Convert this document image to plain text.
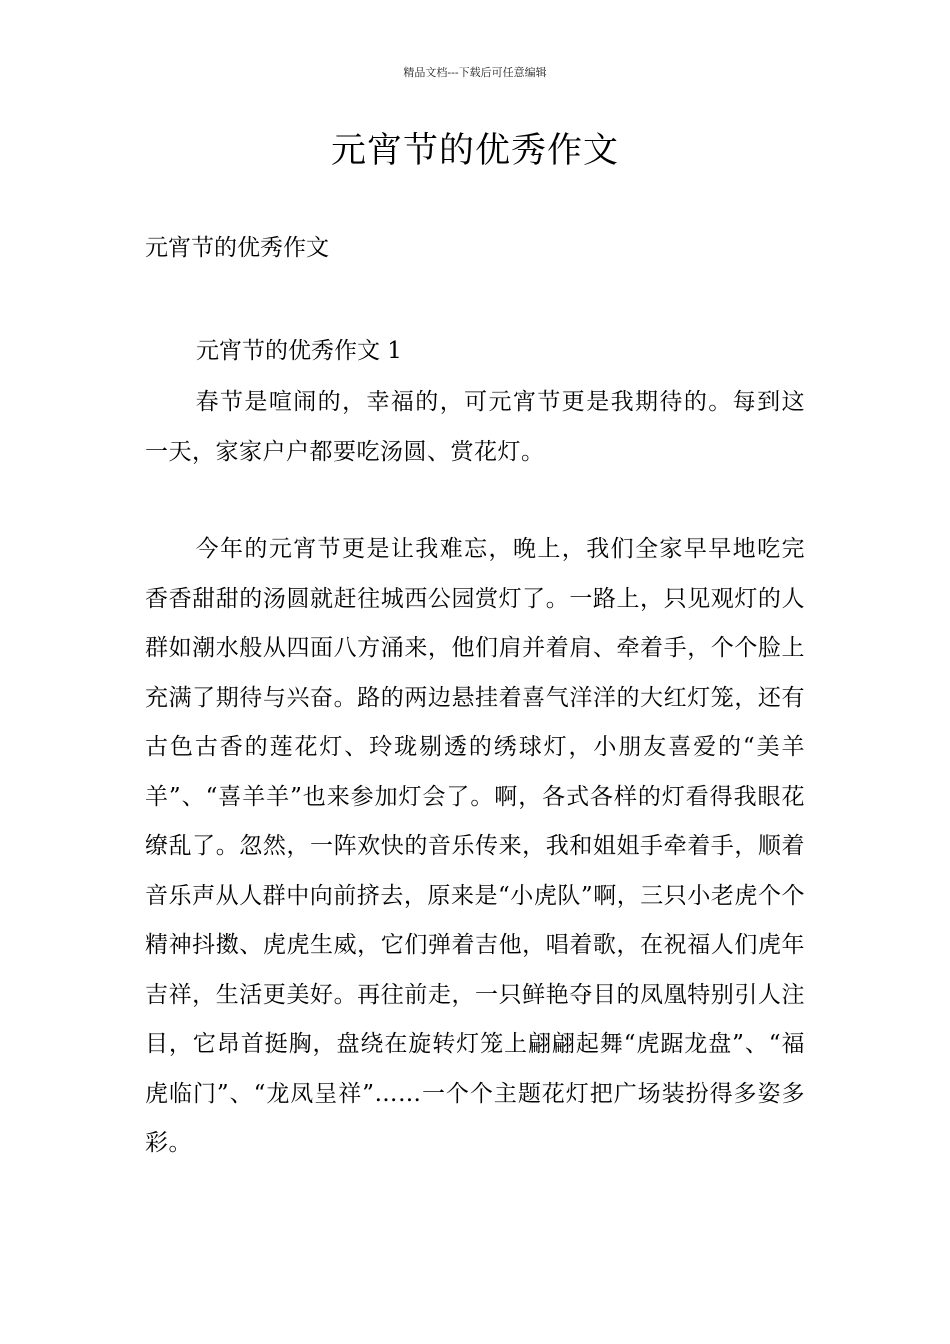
精品文档---下载后可任意编辑
元宵节的优秀作文

元宵节的优秀作文

元宵节的优秀作文 1

春节是喧闹的，幸福的，可元宵节更是我期待的。每到这一天，家家户户都要吃汤圆、赏花灯。

今年的元宵节更是让我难忘，晚上，我们全家早早地吃完香香甜甜的汤圆就赶往城西公园赏灯了。一路上，只见观灯的人群如潮水般从四面八方涌来，他们肩并着肩、牵着手，个个脸上充满了期待与兴奋。路的两边悬挂着喜气洋洋的大红灯笼，还有古色古香的莲花灯、玲珑剔透的绣球灯，小朋友喜爱的“美羊羊”、“喜羊羊”也来参加灯会了。啊，各式各样的灯看得我眼花缭乱了。忽然，一阵欢快的音乐传来，我和姐姐手牵着手，顺着音乐声从人群中向前挤去，原来是“小虎队”啊，三只小老虎个个精神抖擞、虎虎生威，它们弹着吉他，唱着歌，在祝福人们虎年吉祥，生活更美好。再往前走，一只鲜艳夺目的凤凰特别引人注目，它昂首挺胸，盘绕在旋转灯笼上翩翩起舞“虎踞龙盘”、“福虎临门”、“龙凤呈祥”……一个个主题花灯把广场装扮得多姿多彩。
